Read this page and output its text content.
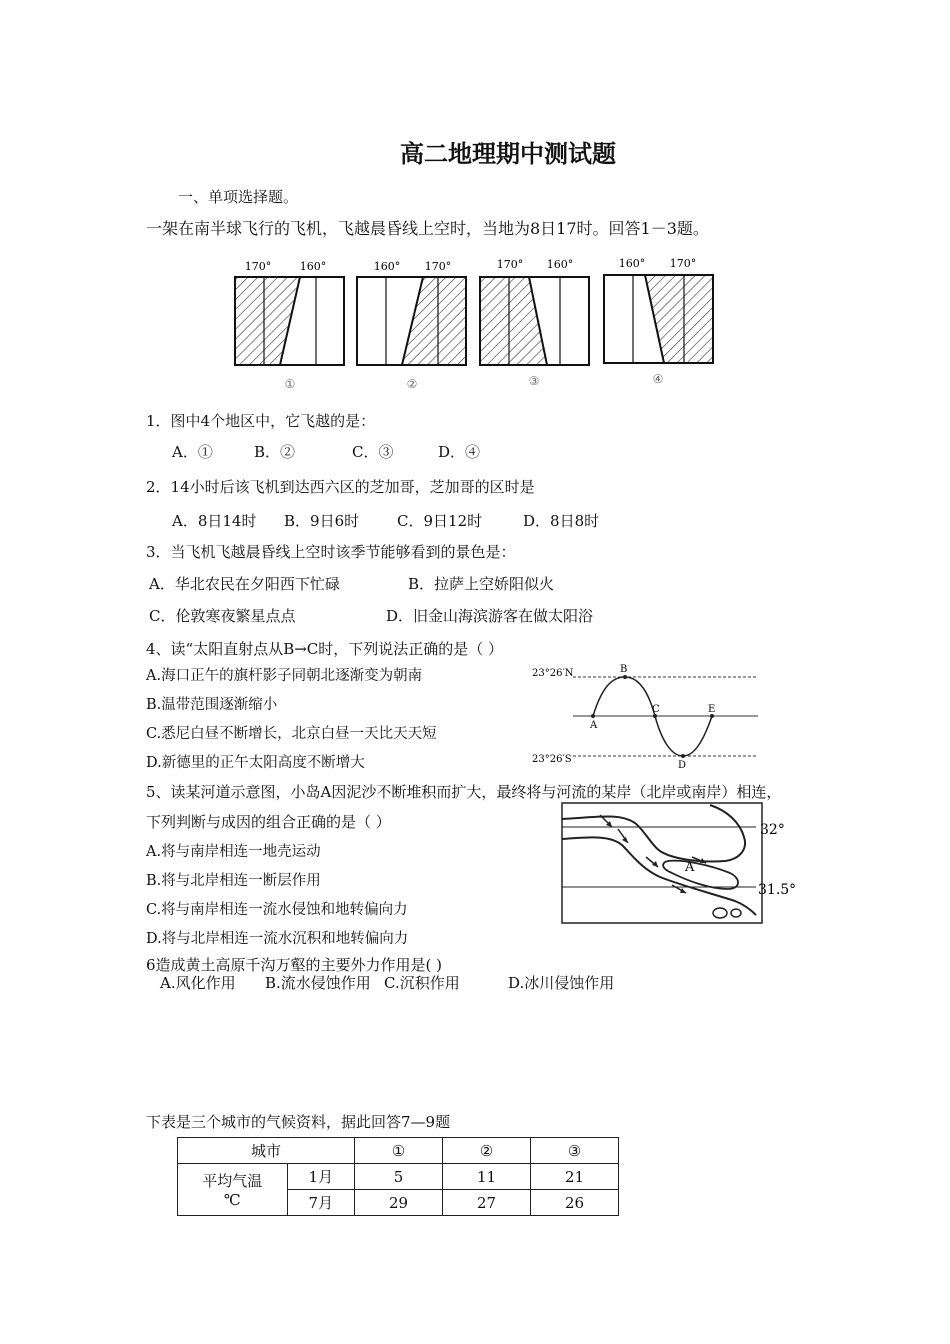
高二地理期中测试题
一、单项选择题。
一架在南半球飞行的飞机，飞越晨昏线上空时，当地为8日17时。回答1－3题。
170°	160°
①
160° 170°
②
170° 160°
③
160° 170°
④
1．图中4个地区中，它飞越的是：
A．①	B．②	C．③	D．④
2．14小时后该飞机到达西六区的芝加哥，芝加哥的区时是
A．8日14时 B．9日6时	C．9日12时	D．8日8时
3．当飞机飞越晨昏线上空时该季节能够看到的景色是：
A．华北农民在夕阳西下忙碌	B．拉萨上空娇阳似火
C．伦敦寒夜繁星点点	D．旧金山海滨游客在做太阳浴
4、读“太阳直射点从B→C时，下列说法正确的是（ ）
A.海口正午的旗杆影子同朝北逐渐变为朝南
B.温带范围逐渐缩小
C.悉尼白昼不断增长，北京白昼一天比天天短
D.新德里的正午太阳高度不断增大
23°26′N
23°26′S
A
B
C
D
E
5、读某河道示意图，小岛A因泥沙不断堆积而扩大，最终将与河流的某岸（北岸或南岸）相连，
下列判断与成因的组合正确的是（ ）
A.将与南岸相连一地壳运动
B.将与北岸相连一断层作用
C.将与南岸相连一流水侵蚀和地转偏向力
D.将与北岸相连一流水沉积和地转偏向力
A
32°
31.5°
6造成黄土高原千沟万壑的主要外力作用是( )
A.风化作用 B.流水侵蚀作用 C.沉积作用	D.冰川侵蚀作用
下表是三个城市的气候资料，据此回答7—9题
城市		①	②	③

平均气温
℃	1月	5	11	21
	7月	29	27	26
